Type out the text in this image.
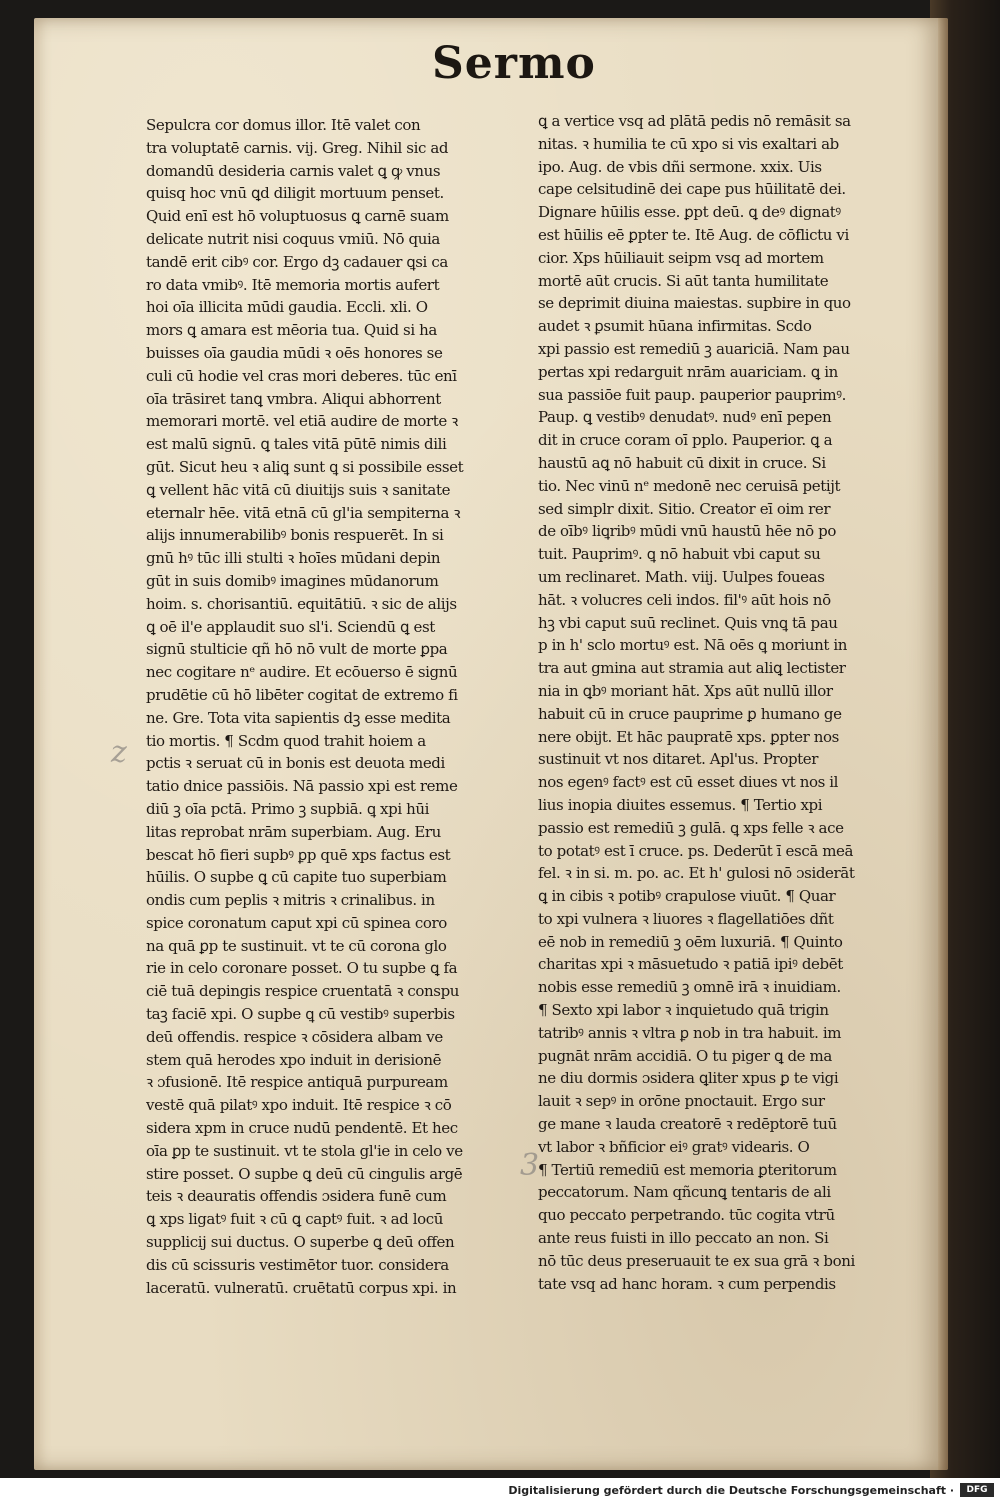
Sermo
Sepulcra cor domus illor. Itē valet con
tra voluptatē carnis. vij. Greg. Nihil sic ad
domandū desideria carnis valet ꝗ ꝙ vnus
quisq hoc vnū ꝗd diligit mortuum penset.
Quid enī est hō voluptuosus ꝗ carnē suam
delicate nutrit nisi coquus vmiū. Nō quia
tandē erit cibꝰ cor. Ergo dꝫ cadauer ꝗsi ca
ro data vmibꝰ. Itē memoria mortis aufert
hoi oīa illicita mūdi gaudia. Eccli. xli. O
mors ꝗ amara est mēoria tua. Quid si ha
buisses oīa gaudia mūdi ꝛ oēs honores se
culi cū hodie vel cras mori deberes. tūc enī
oīa trāsiret tanꝗ vmbra. Aliqui abhorrent
memorari mortē. vel etiā audire de morte ꝛ
est malū signū. ꝗ tales vitā pūtē nimis dili
gūt. Sicut heu ꝛ aliꝗ sunt ꝗ si possibile esset
ꝗ vellent hāc vitā cū diuitijs suis ꝛ sanitate
eternalr hēe. vitā etnā cū gl'ia sempiterna ꝛ
alijs innumerabilibꝰ bonis respuerēt. In si
gnū hꝰ tūc illi stulti ꝛ hoīes mūdani depin
gūt in suis domibꝰ imagines mūdanorum
hoim. s. chorisantiū. equitātiū. ꝛ sic de alijs
ꝗ oē il'e applaudit suo sl'i. Sciendū ꝗ est
signū stulticie qñ hō nō vult de morte ꝑpa
nec cogitare nᵉ audire. Et ecōuerso ē signū
prudētie cū hō libēter cogitat de extremo fi
ne. Gre. Tota vita sapientis dꝫ esse medita
tio mortis. ¶ Scdm quod trahit hoiem a
pctis ꝛ seruat cū in bonis est deuota medi
tatio dnice passiōis. Nā passio xpi est reme
diū ꝫ oīa pctā. Primo ꝫ supbiā. ꝗ xpi hūi
litas reprobat nrām superbiam. Aug. Eru
bescat hō fieri supbꝰ ꝑp quē xps factus est
hūilis. O supbe ꝗ cū capite tuo superbiam
ondis cum peplis ꝛ mitris ꝛ crinalibus. in
spice coronatum caput xpi cū spinea coro
na quā ꝑp te sustinuit. vt te cū corona glo
rie in celo coronare posset. O tu supbe ꝗ fa
ciē tuā depingis respice cruentatā ꝛ conspu
taꝫ faciē xpi. O supbe ꝗ cū vestibꝰ superbis
deū offendis. respice ꝛ cōsidera albam ve
stem quā herodes xpo induit in derisionē
ꝛ ɔfusionē. Itē respice antiquā purpuream
vestē quā pilatꝰ xpo induit. Itē respice ꝛ cō
sidera xpm in cruce nudū pendentē. Et hec
oīa ꝑp te sustinuit. vt te stola gl'ie in celo ve
stire posset. O supbe ꝗ deū cū cingulis argē
teis ꝛ deauratis offendis ɔsidera funē cum
ꝗ xps ligatꝰ fuit ꝛ cū ꝗ captꝰ fuit. ꝛ ad locū
supplicij sui ductus. O superbe ꝗ deū offen
dis cū scissuris vestimētor tuor. considera
laceratū. vulneratū. cruētatū corpus xpi. in
ꝗ a vertice vsq ad plātā pedis nō remāsit sa
nitas. ꝛ humilia te cū xpo si vis exaltari ab
ipo. Aug. de vbis dñi sermone. xxix. Uis
cape celsitudinē dei cape pus hūilitatē dei.
Dignare hūilis esse. ꝑpt deū. ꝗ deꝰ dignatꝰ
est hūilis eē ꝑpter te. Itē Aug. de cōflictu vi
cior. Xps hūiliauit seipm vsq ad mortem
mortē aūt crucis. Si aūt tanta humilitate
se deprimit diuina maiestas. supbire in quo
audet ꝛ ꝑsumit hūana infirmitas. Scdo
xpi passio est remediū ꝫ auariciā. Nam pau
pertas xpi redarguit nrām auariciam. ꝗ in
sua passiōe fuit paup. pauperior pauprimꝰ.
Paup. ꝗ vestibꝰ denudatꝰ. nudꝰ enī pepen
dit in cruce coram oī pplo. Pauperior. ꝗ a
haustū aꝗ nō habuit cū dixit in cruce. Si
tio. Nec vinū nᵉ medonē nec ceruisā petijt
sed simplr dixit. Sitio. Creator eī oim rer
de oībꝰ liꝗribꝰ mūdi vnū haustū hēe nō po
tuit. Pauprimꝰ. ꝗ nō habuit vbi caput su
um reclinaret. Math. viij. Uulpes foueas
hāt. ꝛ volucres celi indos. fil'ꝰ aūt hois nō
hꝫ vbi caput suū reclinet. Quis vnꝗ tā pau
p in h' sclo mortuꝰ est. Nā oēs ꝗ moriunt in
tra aut gmina aut stramia aut aliꝗ lectister
nia in ꝗbꝰ moriant hāt. Xps aūt nullū illor
habuit cū in cruce pauprime ꝑ humano ge
nere obijt. Et hāc paupratē xps. ꝑpter nos
sustinuit vt nos ditaret. Apl'us. Propter
nos egenꝰ factꝰ est cū esset diues vt nos il
lius inopia diuites essemus. ¶ Tertio xpi
passio est remediū ꝫ gulā. ꝗ xps felle ꝛ ace
to potatꝰ est ī cruce. ps. Dederūt ī escā meā
fel. ꝛ in si. m. po. ac. Et h' gulosi nō ɔsiderāt
ꝗ in cibis ꝛ potibꝰ crapulose viuūt. ¶ Quar
to xpi vulnera ꝛ liuores ꝛ flagellatiōes dñt
eē nob in remediū ꝫ oēm luxuriā. ¶ Quinto
charitas xpi ꝛ māsuetudo ꝛ patiā ipiꝰ debēt
nobis esse remediū ꝫ omnē irā ꝛ inuidiam.
¶ Sexto xpi labor ꝛ inquietudo quā trigin
tatribꝰ annis ꝛ vltra ꝑ nob in tra habuit. im
pugnāt nrām accidiā. O tu piger ꝗ de ma
ne diu dormis ɔsidera ꝗliter xpus ꝑ te vigi
lauit ꝛ sepꝰ in orōne pnoctauit. Ergo sur
ge mane ꝛ lauda creatorē ꝛ redēptorē tuū
vt labor ꝛ bñficior eiꝰ gratꝰ videaris. O
¶ Tertiū remediū est memoria ꝑteritorum
peccatorum. Nam qñcunꝗ tentaris de ali
quo peccato perpetrando. tūc cogita vtrū
ante reus fuisti in illo peccato an non. Si
nō tūc deus preseruauit te ex sua grā ꝛ boni
tate vsq ad hanc horam. ꝛ cum perpendis
z
3
Digitalisierung gefördert durch die Deutsche Forschungsgemeinschaft ·	DFG
